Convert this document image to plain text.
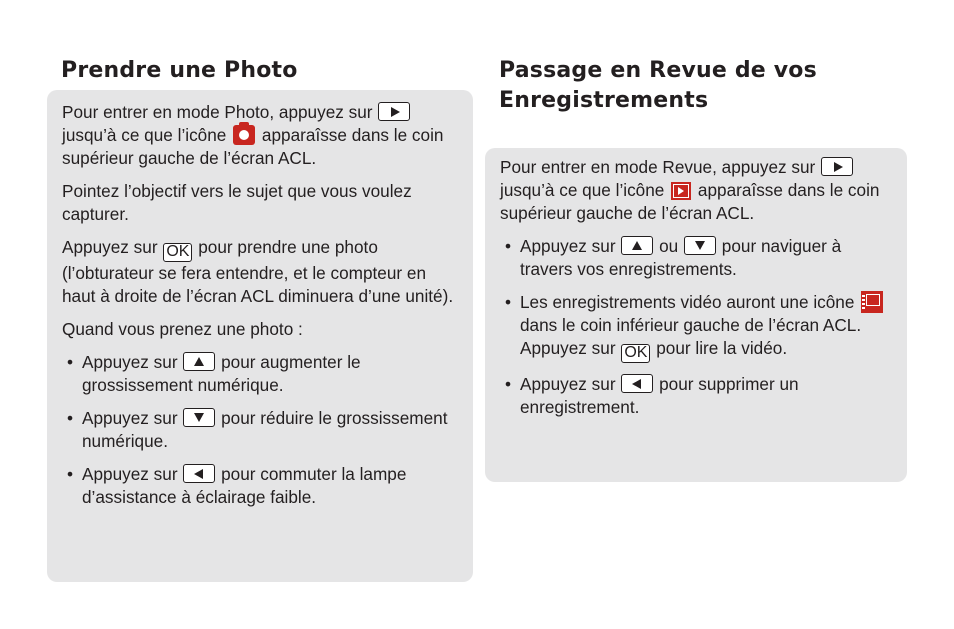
Prendre une Photo

Pour entrer en mode Photo, appuyez sur
jusqu’à ce que l’icône apparaîsse dans le coin supérieur gauche de l’écran ACL.

Pointez l’objectif vers le sujet que vous voulez capturer.

Appuyez sur OK pour prendre une photo (l’obturateur se fera entendre, et le compteur en haut à droite de l’écran ACL diminuera d’une unité).

Quand vous prenez une photo :

• Appuyez sur	pour augmenter le grossissement numérique.
• Appuyez sur	pour réduire le grossissement numérique.
• Appuyez sur	pour commuter la lampe d’assistance à éclairage faible.
Passage en Revue de vos Enregistrements

Pour entrer en mode Revue, appuyez sur
jusqu’à ce que l’icône apparaîsse dans le coin supérieur gauche de l’écran ACL.

• Appuyez sur	ou	pour naviguer à travers vos enregistrements.
• Les enregistrements vidéo auront une icône  dans le coin inférieur gauche de l’écran ACL. Appuyez sur OK pour lire la vidéo.
• Appuyez sur	pour supprimer un enregistrement.
